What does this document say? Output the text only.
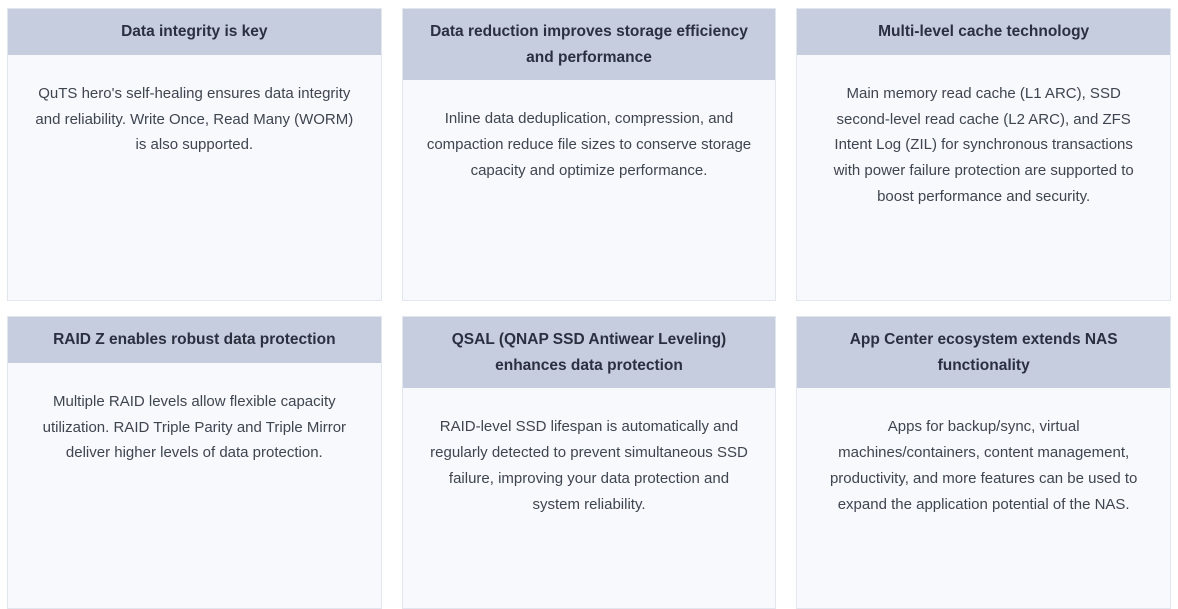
Data integrity is key

QuTS hero's self-healing ensures data integrity and reliability. Write Once, Read Many (WORM) is also supported.

Data reduction improves storage efficiency and performance

Inline data deduplication, compression, and compaction reduce file sizes to conserve storage capacity and optimize performance.

Multi-level cache technology

Main memory read cache (L1 ARC), SSD second-level read cache (L2 ARC), and ZFS Intent Log (ZIL) for synchronous transactions with power failure protection are supported to boost performance and security.

RAID Z enables robust data protection

Multiple RAID levels allow flexible capacity utilization. RAID Triple Parity and Triple Mirror deliver higher levels of data protection.

QSAL (QNAP SSD Antiwear Leveling) enhances data protection

RAID-level SSD lifespan is automatically and regularly detected to prevent simultaneous SSD failure, improving your data protection and system reliability.

App Center ecosystem extends NAS functionality

Apps for backup/sync, virtual machines/containers, content management, productivity, and more features can be used to expand the application potential of the NAS.
